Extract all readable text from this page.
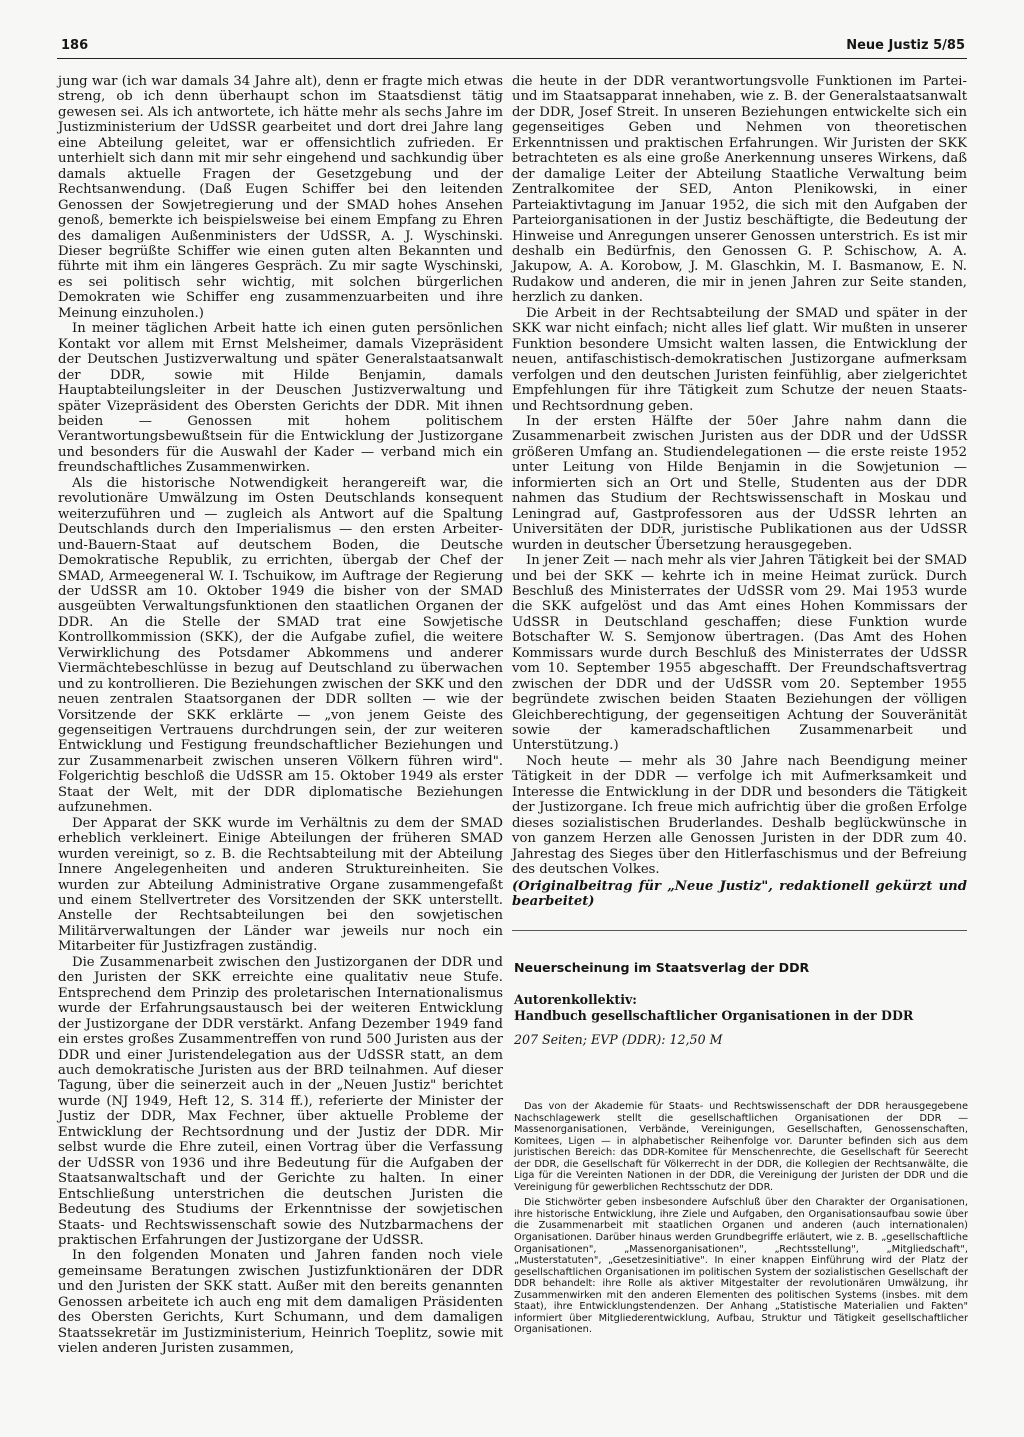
186	Neue Justiz 5/85

jung war (ich war damals 34 Jahre alt), denn er fragte mich etwas streng, ob ich denn überhaupt schon im Staatsdienst tätig gewesen sei. Als ich antwortete, ich hätte mehr als sechs Jahre im Justizministerium der UdSSR gearbeitet und dort drei Jahre lang eine Abteilung geleitet, war er offensichtlich zufrieden. Er unterhielt sich dann mit mir sehr eingehend und sachkundig über damals aktuelle Fragen der Gesetzgebung und der Rechtsanwendung. (Daß Eugen Schiffer bei den leitenden Genossen der Sowjetregierung und der SMAD hohes Ansehen genoß, bemerkte ich beispielsweise bei einem Empfang zu Ehren des damaligen Außenministers der UdSSR, A. J. Wyschinski. Dieser begrüßte Schiffer wie einen guten alten Bekannten und führte mit ihm ein längeres Gespräch. Zu mir sagte Wyschinski, es sei politisch sehr wichtig, mit solchen bürgerlichen Demokraten wie Schiffer eng zusammenzuarbeiten und ihre Meinung einzuholen.)

In meiner täglichen Arbeit hatte ich einen guten persönlichen Kontakt vor allem mit Ernst Melsheimer, damals Vizepräsident der Deutschen Justizverwaltung und später Generalstaatsanwalt der DDR, sowie mit Hilde Benjamin, damals Hauptabteilungsleiter in der Deuschen Justizverwaltung und später Vizepräsident des Obersten Gerichts der DDR. Mit ihnen beiden — Genossen mit hohem politischem Verantwortungsbewußtsein für die Entwicklung der Justizorgane und besonders für die Auswahl der Kader — verband mich ein freundschaftliches Zusammenwirken.

Als die historische Notwendigkeit herangereift war, die revolutionäre Umwälzung im Osten Deutschlands konsequent weiterzuführen und — zugleich als Antwort auf die Spaltung Deutschlands durch den Imperialismus — den ersten Arbeiter-und-Bauern-Staat auf deutschem Boden, die Deutsche Demokratische Republik, zu errichten, übergab der Chef der SMAD, Armeegeneral W. I. Tschuikow, im Auftrage der Regierung der UdSSR am 10. Oktober 1949 die bisher von der SMAD ausgeübten Verwaltungsfunktionen den staatlichen Organen der DDR. An die Stelle der SMAD trat eine Sowjetische Kontrollkommission (SKK), der die Aufgabe zufiel, die weitere Verwirklichung des Potsdamer Abkommens und anderer Viermächtebeschlüsse in bezug auf Deutschland zu überwachen und zu kontrollieren. Die Beziehungen zwischen der SKK und den neuen zentralen Staatsorganen der DDR sollten — wie der Vorsitzende der SKK erklärte — „von jenem Geiste des gegenseitigen Vertrauens durchdrungen sein, der zur weiteren Entwicklung und Festigung freundschaftlicher Beziehungen und zur Zusammenarbeit zwischen unseren Völkern führen wird". Folgerichtig beschloß die UdSSR am 15. Oktober 1949 als erster Staat der Welt, mit der DDR diplomatische Beziehungen aufzunehmen.

Der Apparat der SKK wurde im Verhältnis zu dem der SMAD erheblich verkleinert. Einige Abteilungen der früheren SMAD wurden vereinigt, so z. B. die Rechtsabteilung mit der Abteilung Innere Angelegenheiten und anderen Struktureinheiten. Sie wurden zur Abteilung Administrative Organe zusammengefaßt und einem Stellvertreter des Vorsitzenden der SKK unterstellt. Anstelle der Rechtsabteilungen bei den sowjetischen Militärverwaltungen der Länder war jeweils nur noch ein Mitarbeiter für Justizfragen zuständig.

Die Zusammenarbeit zwischen den Justizorganen der DDR und den Juristen der SKK erreichte eine qualitativ neue Stufe. Entsprechend dem Prinzip des proletarischen Internationalismus wurde der Erfahrungsaustausch bei der weiteren Entwicklung der Justizorgane der DDR verstärkt. Anfang Dezember 1949 fand ein erstes großes Zusammentreffen von rund 500 Juristen aus der DDR und einer Juristendelegation aus der UdSSR statt, an dem auch demokratische Juristen aus der BRD teilnahmen. Auf dieser Tagung, über die seinerzeit auch in der „Neuen Justiz" berichtet wurde (NJ 1949, Heft 12, S. 314 ff.), referierte der Minister der Justiz der DDR, Max Fechner, über aktuelle Probleme der Entwicklung der Rechtsordnung und der Justiz der DDR. Mir selbst wurde die Ehre zuteil, einen Vortrag über die Verfassung der UdSSR von 1936 und ihre Bedeutung für die Aufgaben der Staatsanwaltschaft und der Gerichte zu halten. In einer Entschließung unterstrichen die deutschen Juristen die Bedeutung des Studiums der Erkenntnisse der sowjetischen Staats- und Rechtswissenschaft sowie des Nutzbarmachens der praktischen Erfahrungen der Justizorgane der UdSSR.

In den folgenden Monaten und Jahren fanden noch viele gemeinsame Beratungen zwischen Justizfunktionären der DDR und den Juristen der SKK statt. Außer mit den bereits genannten Genossen arbeitete ich auch eng mit dem damaligen Präsidenten des Obersten Gerichts, Kurt Schumann, und dem damaligen Staatssekretär im Justizministerium, Heinrich Toeplitz, sowie mit vielen anderen Juristen zusammen,

die heute in der DDR verantwortungsvolle Funktionen im Partei- und im Staatsapparat innehaben, wie z. B. der Generalstaatsanwalt der DDR, Josef Streit. In unseren Beziehungen entwickelte sich ein gegenseitiges Geben und Nehmen von theoretischen Erkenntnissen und praktischen Erfahrungen. Wir Juristen der SKK betrachteten es als eine große Anerkennung unseres Wirkens, daß der damalige Leiter der Abteilung Staatliche Verwaltung beim Zentralkomitee der SED, Anton Plenikowski, in einer Parteiaktivtagung im Januar 1952, die sich mit den Aufgaben der Parteiorganisationen in der Justiz beschäftigte, die Bedeutung der Hinweise und Anregungen unserer Genossen unterstrich. Es ist mir deshalb ein Bedürfnis, den Genossen G. P. Schischow, A. A. Jakupow, A. A. Korobow, J. M. Glaschkin, M. I. Basmanow, E. N. Rudakow und anderen, die mir in jenen Jahren zur Seite standen, herzlich zu danken.

Die Arbeit in der Rechtsabteilung der SMAD und später in der SKK war nicht einfach; nicht alles lief glatt. Wir mußten in unserer Funktion besondere Umsicht walten lassen, die Entwicklung der neuen, antifaschistisch-demokratischen Justizorgane aufmerksam verfolgen und den deutschen Juristen feinfühlig, aber zielgerichtet Empfehlungen für ihre Tätigkeit zum Schutze der neuen Staats- und Rechtsordnung geben.

In der ersten Hälfte der 50er Jahre nahm dann die Zusammenarbeit zwischen Juristen aus der DDR und der UdSSR größeren Umfang an. Studiendelegationen — die erste reiste 1952 unter Leitung von Hilde Benjamin in die Sowjetunion — informierten sich an Ort und Stelle, Studenten aus der DDR nahmen das Studium der Rechtswissenschaft in Moskau und Leningrad auf, Gastprofessoren aus der UdSSR lehrten an Universitäten der DDR, juristische Publikationen aus der UdSSR wurden in deutscher Übersetzung herausgegeben.

In jener Zeit — nach mehr als vier Jahren Tätigkeit bei der SMAD und bei der SKK — kehrte ich in meine Heimat zurück. Durch Beschluß des Ministerrates der UdSSR vom 29. Mai 1953 wurde die SKK aufgelöst und das Amt eines Hohen Kommissars der UdSSR in Deutschland geschaffen; diese Funktion wurde Botschafter W. S. Semjonow übertragen. (Das Amt des Hohen Kommissars wurde durch Beschluß des Ministerrates der UdSSR vom 10. September 1955 abgeschafft. Der Freundschaftsvertrag zwischen der DDR und der UdSSR vom 20. September 1955 begründete zwischen beiden Staaten Beziehungen der völligen Gleichberechtigung, der gegenseitigen Achtung der Souveränität sowie der kameradschaftlichen Zusammenarbeit und Unterstützung.)

Noch heute — mehr als 30 Jahre nach Beendigung meiner Tätigkeit in der DDR — verfolge ich mit Aufmerksamkeit und Interesse die Entwicklung in der DDR und besonders die Tätigkeit der Justizorgane. Ich freue mich aufrichtig über die großen Erfolge dieses sozialistischen Bruderlandes. Deshalb beglückwünsche in von ganzem Herzen alle Genossen Juristen in der DDR zum 40. Jahrestag des Sieges über den Hitlerfaschismus und der Befreiung des deutschen Volkes.

(Originalbeitrag für „Neue Justiz", redaktionell gekürzt und bearbeitet)

Neuerscheinung im Staatsverlag der DDR
Autorenkollektiv:
Handbuch gesellschaftlicher Organisationen in der DDR
207 Seiten; EVP (DDR): 12,50 M

Das von der Akademie für Staats- und Rechtswissenschaft der DDR herausgegebene Nachschlagewerk stellt die gesellschaftlichen Organisationen der DDR — Massenorganisationen, Verbände, Vereinigungen, Gesellschaften, Genossenschaften, Komitees, Ligen — in alphabetischer Reihenfolge vor. Darunter befinden sich aus dem juristischen Bereich: das DDR-Komitee für Menschenrechte, die Gesellschaft für Seerecht der DDR, die Gesellschaft für Völkerrecht in der DDR, die Kollegien der Rechtsanwälte, die Liga für die Vereinten Nationen in der DDR, die Vereinigung der Juristen der DDR und die Vereinigung für gewerblichen Rechtsschutz der DDR.

Die Stichwörter geben insbesondere Aufschluß über den Charakter der Organisationen, ihre historische Entwicklung, ihre Ziele und Aufgaben, den Organisationsaufbau sowie über die Zusammenarbeit mit staatlichen Organen und anderen (auch internationalen) Organisationen. Darüber hinaus werden Grundbegriffe erläutert, wie z. B. „gesellschaftliche Organisationen", „Massenorganisationen", „Rechtsstellung", „Mitgliedschaft", „Musterstatuten", „Gesetzesinitiative". In einer knappen Einführung wird der Platz der gesellschaftlichen Organisationen im politischen System der sozialistischen Gesellschaft der DDR behandelt: ihre Rolle als aktiver Mitgestalter der revolutionären Umwälzung, ihr Zusammenwirken mit den anderen Elementen des politischen Systems (insbes. mit dem Staat), ihre Entwicklungstendenzen. Der Anhang „Statistische Materialien und Fakten" informiert über Mitgliederentwicklung, Aufbau, Struktur und Tätigkeit gesellschaftlicher Organisationen.
